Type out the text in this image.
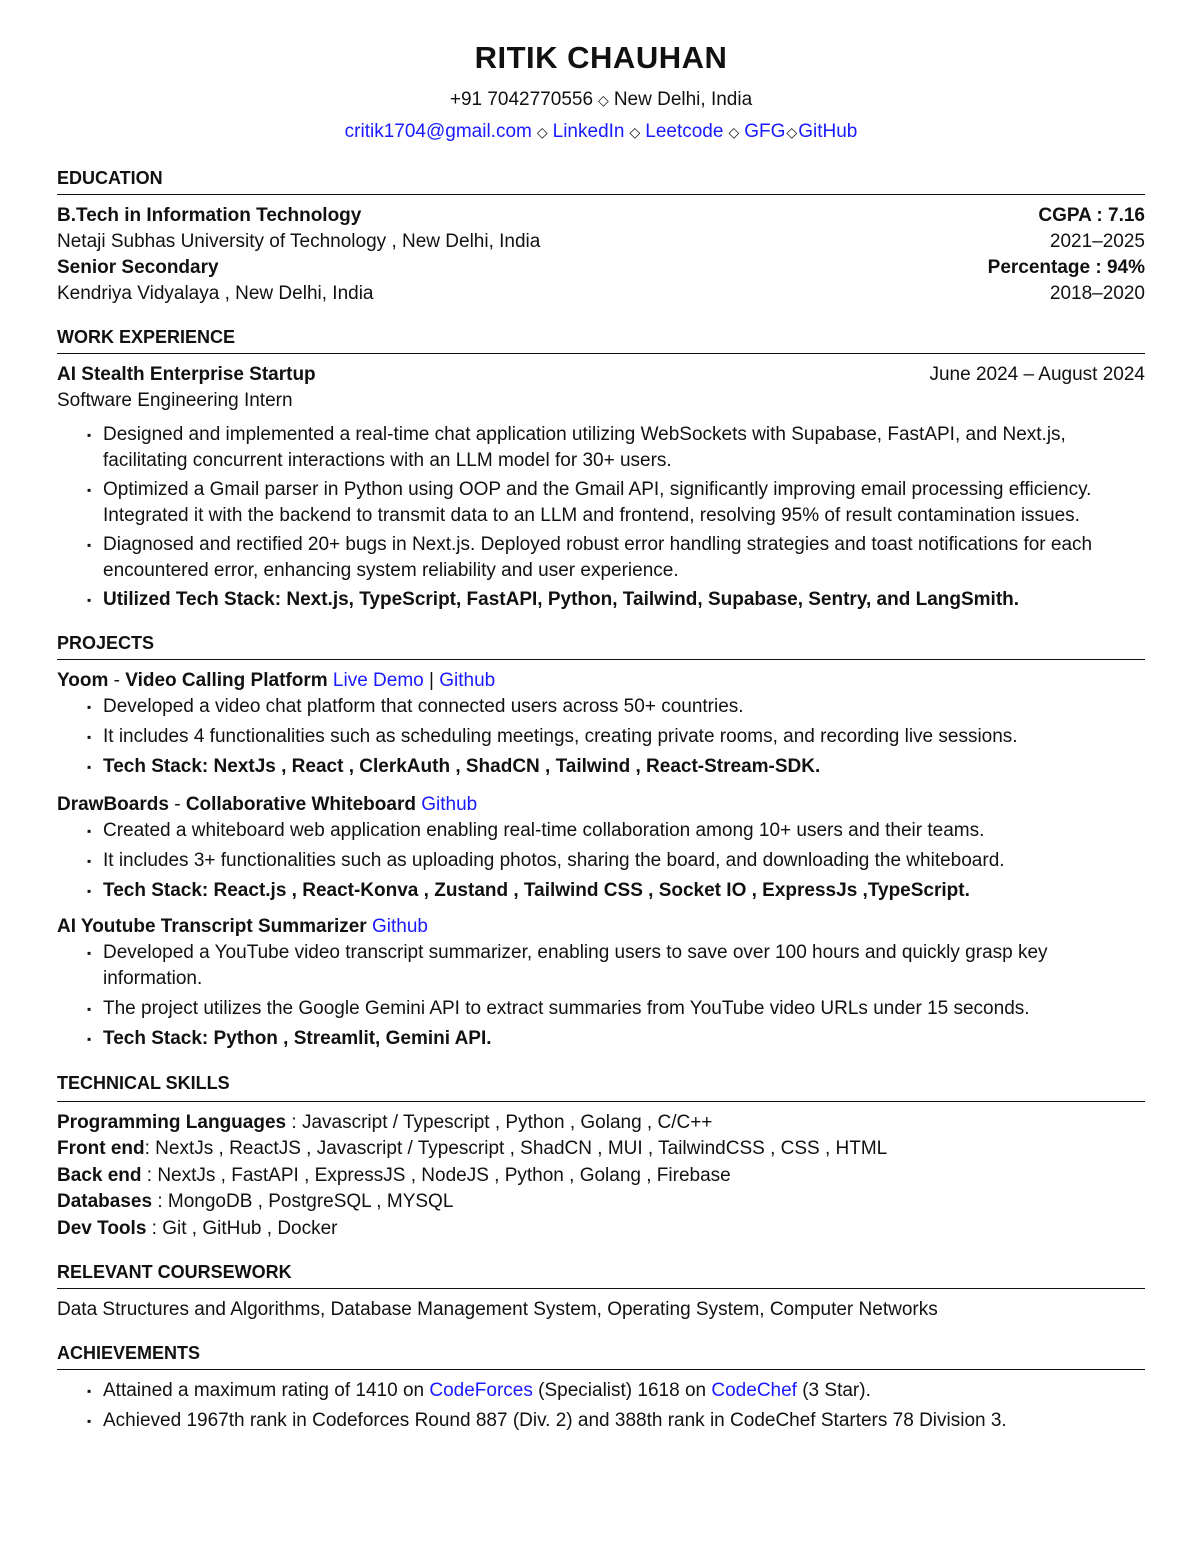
RITIK CHAUHAN
+91 7042770556 ◇ New Delhi, India
critik1704@gmail.com ◇ LinkedIn ◇ Leetcode ◇ GFG◇GitHub
EDUCATION
B.Tech in Information Technology	CGPA : 7.16
Netaji Subhas University of Technology , New Delhi, India	2021–2025
Senior Secondary	Percentage : 94%
Kendriya Vidyalaya , New Delhi, India	2018–2020
WORK EXPERIENCE
AI Stealth Enterprise Startup	June 2024 – August 2024
Software Engineering Intern
▪ Designed and implemented a real-time chat application utilizing WebSockets with Supabase, FastAPI, and Next.js, facilitating concurrent interactions with an LLM model for 30+ users.
▪ Optimized a Gmail parser in Python using OOP and the Gmail API, significantly improving email processing efficiency. Integrated it with the backend to transmit data to an LLM and frontend, resolving 95% of result contamination issues.
▪ Diagnosed and rectified 20+ bugs in Next.js. Deployed robust error handling strategies and toast notifications for each encountered error, enhancing system reliability and user experience.
▪ Utilized Tech Stack: Next.js, TypeScript, FastAPI, Python, Tailwind, Supabase, Sentry, and LangSmith.
PROJECTS
Yoom - Video Calling Platform Live Demo | Github
▪ Developed a video chat platform that connected users across 50+ countries.
▪ It includes 4 functionalities such as scheduling meetings, creating private rooms, and recording live sessions.
▪ Tech Stack: NextJs , React , ClerkAuth , ShadCN , Tailwind , React-Stream-SDK.
DrawBoards - Collaborative Whiteboard Github
▪ Created a whiteboard web application enabling real-time collaboration among 10+ users and their teams.
▪ It includes 3+ functionalities such as uploading photos, sharing the board, and downloading the whiteboard.
▪ Tech Stack: React.js , React-Konva , Zustand , Tailwind CSS , Socket IO , ExpressJs ,TypeScript.
AI Youtube Transcript Summarizer Github
▪ Developed a YouTube video transcript summarizer, enabling users to save over 100 hours and quickly grasp key information.
▪ The project utilizes the Google Gemini API to extract summaries from YouTube video URLs under 15 seconds.
▪ Tech Stack: Python , Streamlit, Gemini API.
TECHNICAL SKILLS
Programming Languages : Javascript / Typescript , Python , Golang , C/C++
Front end: NextJs , ReactJS , Javascript / Typescript , ShadCN , MUI , TailwindCSS , CSS , HTML
Back end : NextJs , FastAPI , ExpressJS , NodeJS , Python , Golang , Firebase
Databases : MongoDB , PostgreSQL , MYSQL
Dev Tools : Git , GitHub , Docker
RELEVANT COURSEWORK
Data Structures and Algorithms, Database Management System, Operating System, Computer Networks
ACHIEVEMENTS
▪ Attained a maximum rating of 1410 on CodeForces (Specialist) 1618 on CodeChef (3 Star).
▪ Achieved 1967th rank in Codeforces Round 887 (Div. 2) and 388th rank in CodeChef Starters 78 Division 3.
